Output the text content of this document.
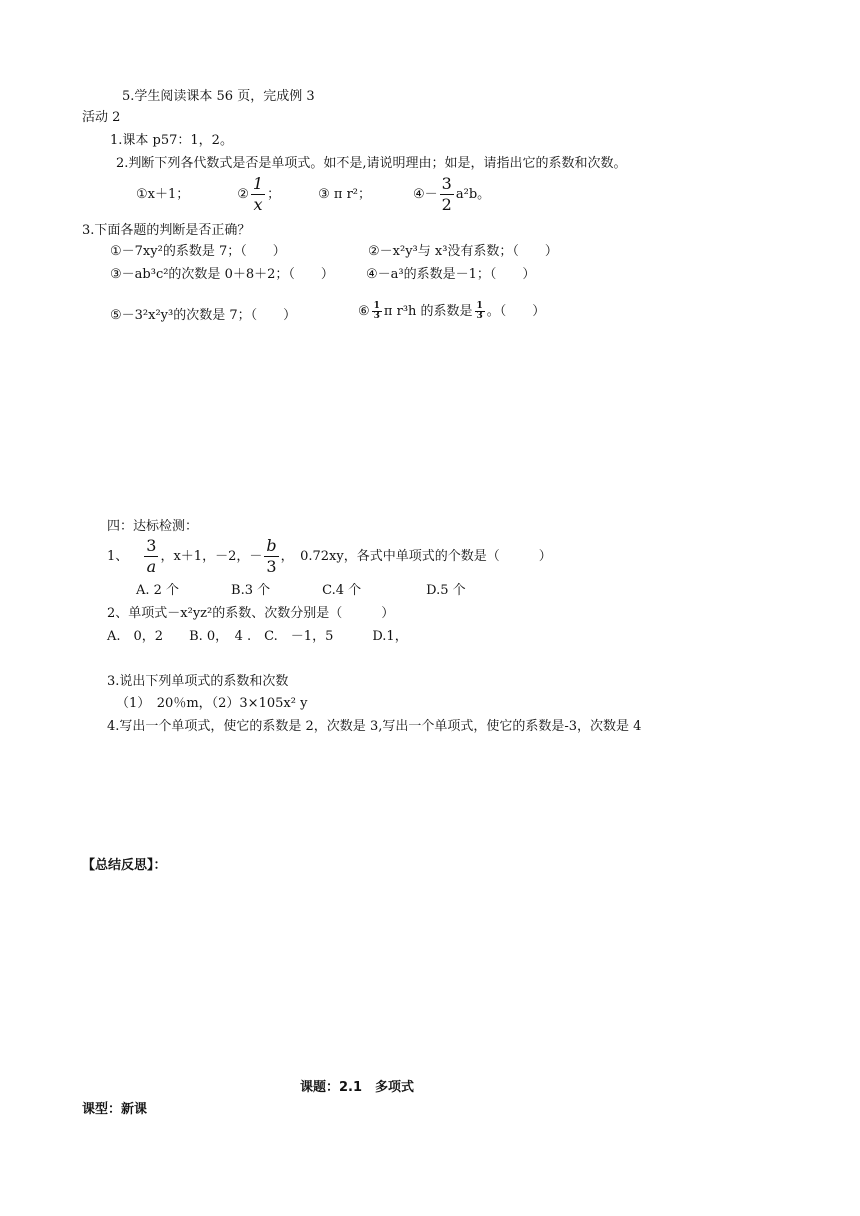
5.学生阅读课本 56 页，完成例 3
活动 2
1.课本 p57：1，2。
2.判断下列各代数式是否是单项式。如不是,请说明理由；如是，请指出它的系数和次数。
①x＋1；	② $\frac{1}{x}$ ；	③ π r²；	④－ $\frac{3}{2} a^2b$。
3.下面各题的判断是否正确？
①－7xy²的系数是 7；（　　）	②－x²y³与 x³没有系数；（　　）
③－ab³c²的次数是 0＋8＋2；（　　） ④－a³的系数是－1；（　　）
⑤－3²x²y³的次数是 7；（　　）	⑥ $\frac{1}{3}$ π r³h 的系数是 $\frac{1}{3}$ 。（　　）
四：达标检测：
1、 $\frac{3}{a}$ ，x＋1，－2，－ $\frac{b}{3}$ ，　0.72xy，各式中单项式的个数是（　　　）
A. 2 个　　　　B.3 个　　　　C.4 个　　　　　D.5 个
2、单项式－x²yz²的系数、次数分别是（　　　）
A.　0，2　　B. 0，　4 .　C.　－1，5　　　D.1，
3.说出下列单项式的系数和次数
（1）　20％m，（2）3×105x² y
4.写出一个单项式，使它的系数是 2，次数是 3,写出一个单项式，使它的系数是-3，次数是 4
【总结反思】：
课题：2.1　多项式
课型：新课
